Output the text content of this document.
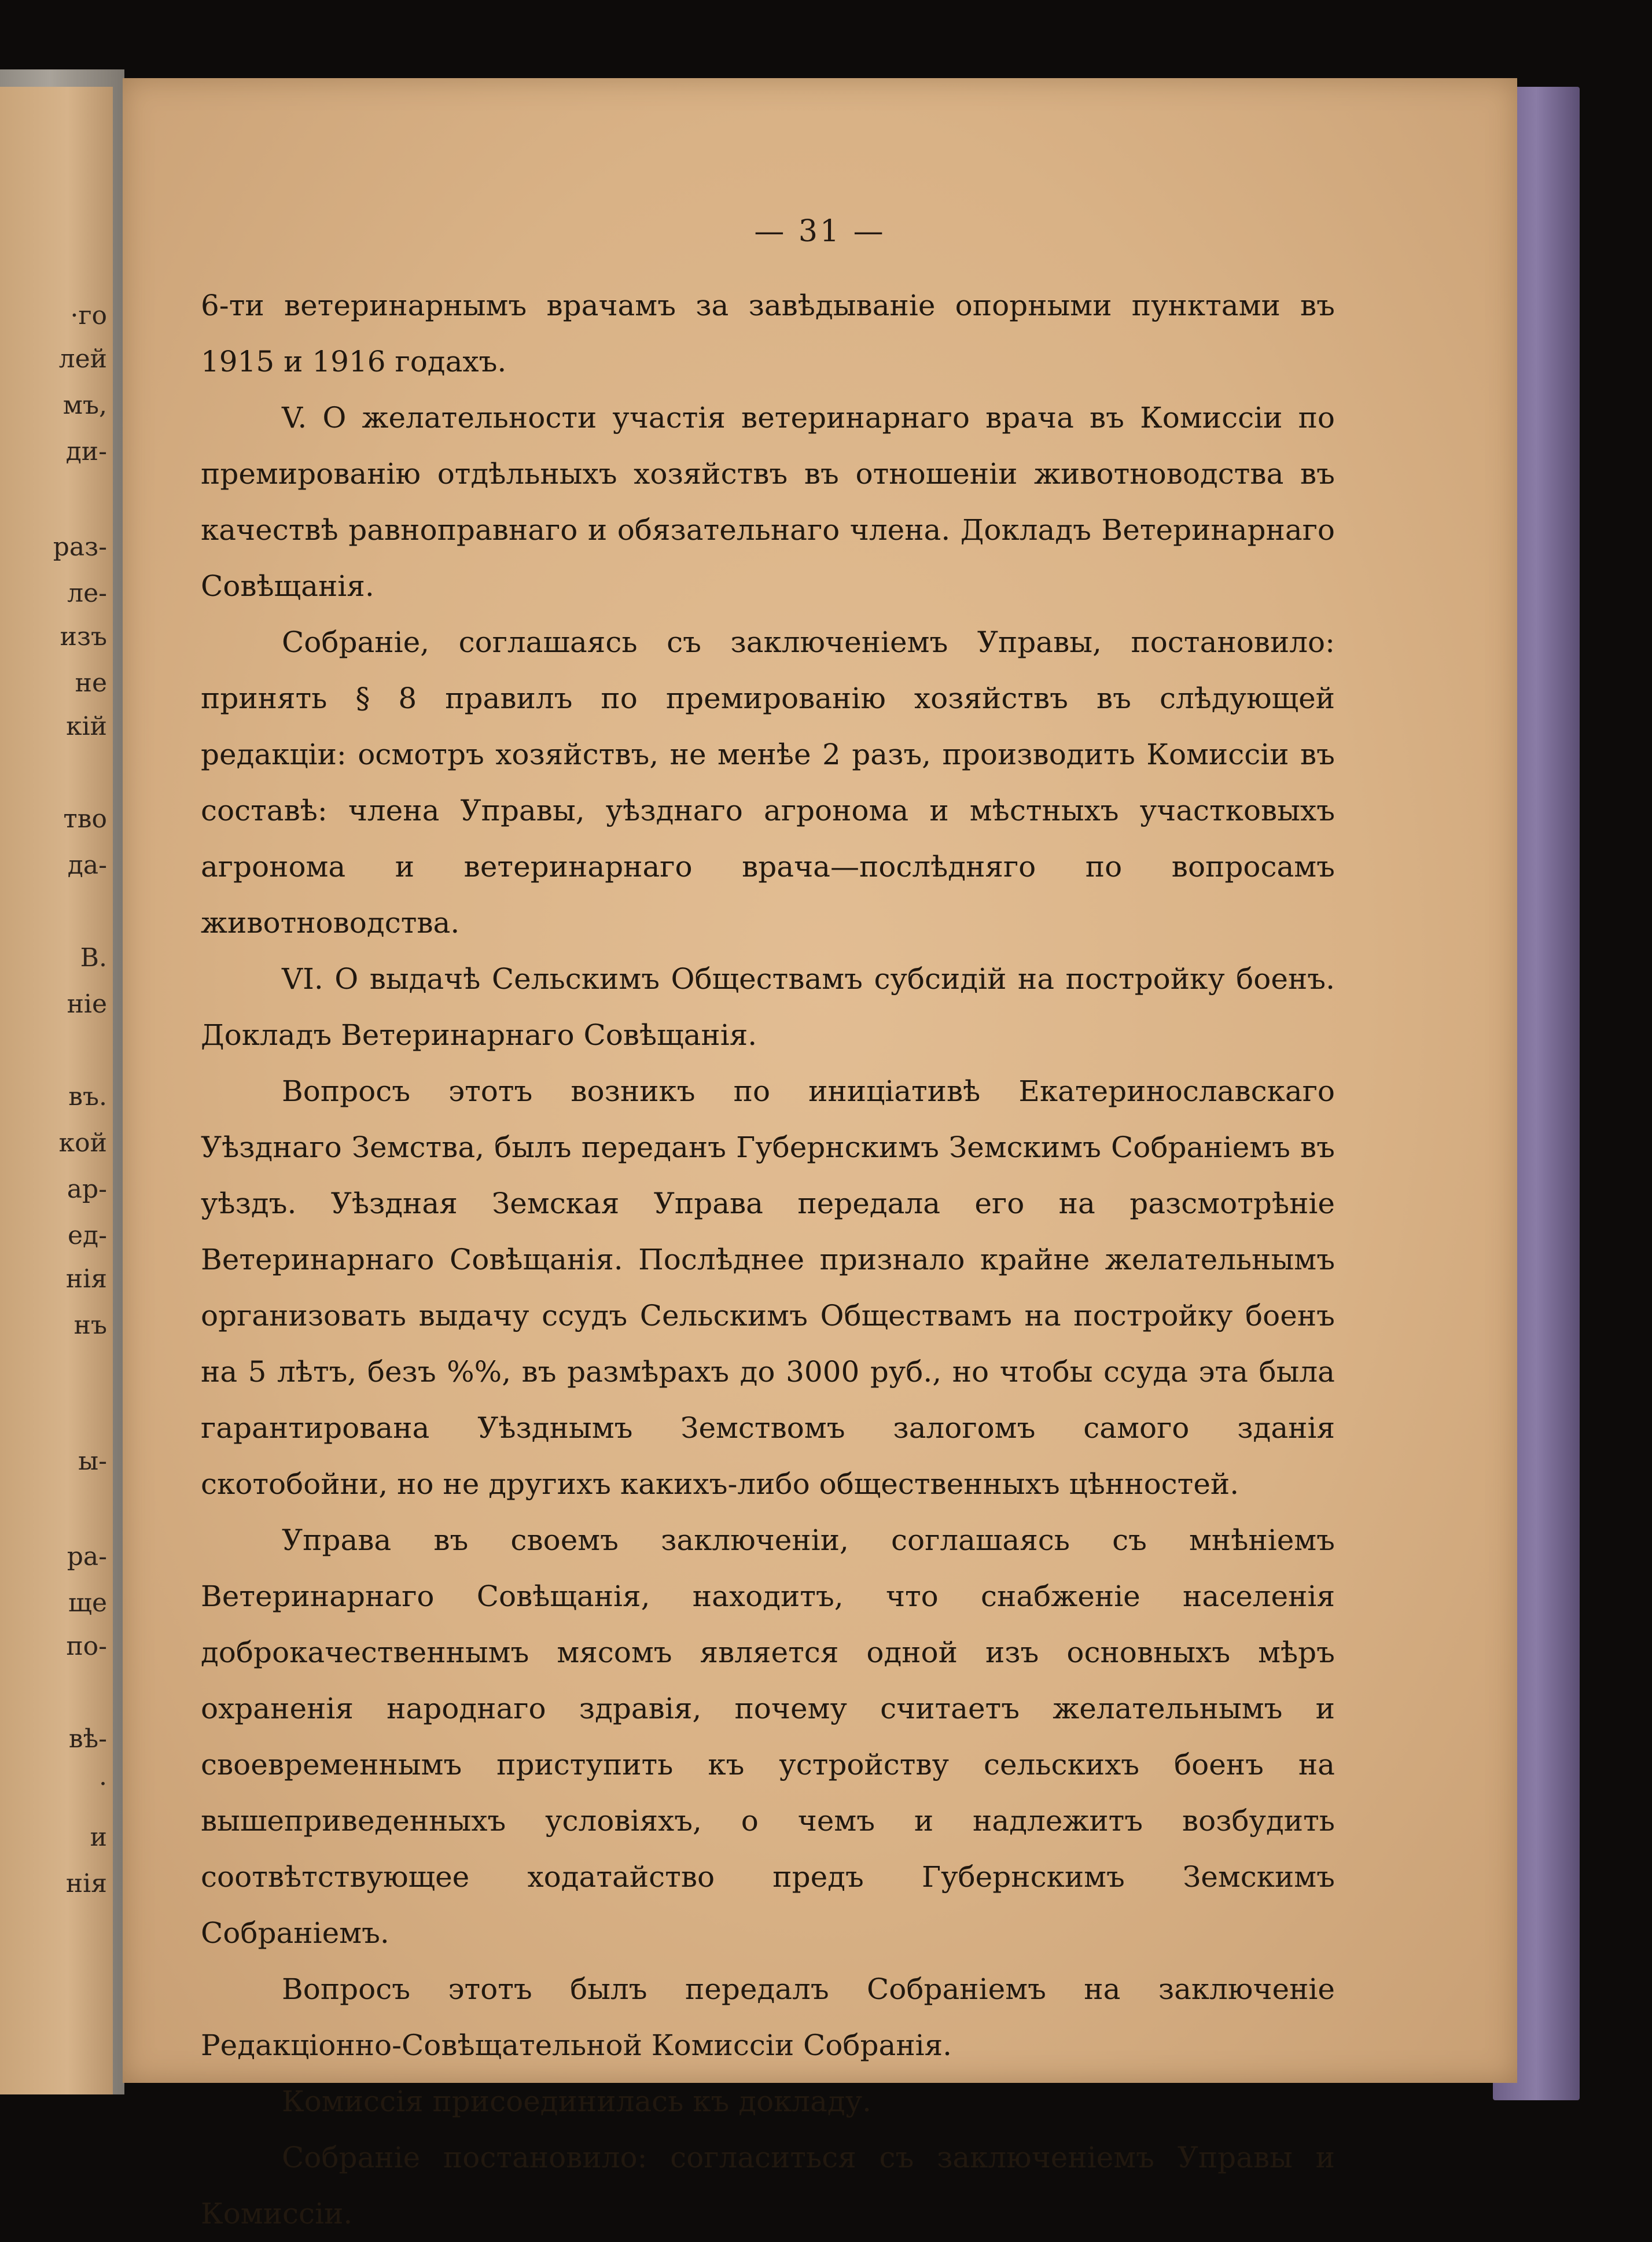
·го
лей
мъ,
ди-
раз-
ле-
изъ
не
кій
тво
да-
В.
ніе
въ.
кой
ар-
ед-
нія
нъ
ы-
ра-
ще
по-
вѣ-
.
и
нія
— 31 —

6-ти ветеринарнымъ врачамъ за завѣдываніе опорными пунктами въ 1915 и 1916 годахъ.

V. О желательности участія ветеринарнаго врача въ Комиссіи по премированію отдѣльныхъ хозяйствъ въ отношеніи животноводства въ качествѣ равноправнаго и обязательнаго члена. Докладъ Ветеринарнаго Совѣщанія.

Собраніе, соглашаясь съ заключеніемъ Управы, постановило: принять § 8 правилъ по премированію хозяйствъ въ слѣдующей редакціи: осмотръ хозяйствъ, не менѣе 2 разъ, производить Комиссіи въ составѣ: члена Управы, уѣзднаго агронома и мѣстныхъ участковыхъ агронома и ветеринарнаго врача—послѣдняго по вопросамъ животноводства.

VI. О выдачѣ Сельскимъ Обществамъ субсидій на постройку боенъ. Докладъ Ветеринарнаго Совѣщанія.

Вопросъ этотъ возникъ по иниціативѣ Екатеринославскаго Уѣзднаго Земства, былъ переданъ Губернскимъ Земскимъ Собраніемъ въ уѣздъ. Уѣздная Земская Управа передала его на разсмотрѣніе Ветеринарнаго Совѣщанія. Послѣднее признало крайне желательнымъ организовать выдачу ссудъ Сельскимъ Обществамъ на постройку боенъ на 5 лѣтъ, безъ %%, въ размѣрахъ до 3000 руб., но чтобы ссуда эта была гарантирована Уѣзднымъ Земствомъ залогомъ самого зданія скотобойни, но не другихъ какихъ-либо общественныхъ цѣнностей.

Управа въ своемъ заключеніи, соглашаясь съ мнѣніемъ Ветеринарнаго Совѣщанія, находитъ, что снабженіе населенія доброкачественнымъ мясомъ является одной изъ основныхъ мѣръ охраненія народнаго здравія, почему считаетъ желательнымъ и своевременнымъ приступить къ устройству сельскихъ боенъ на вышеприведенныхъ условіяхъ, о чемъ и надлежитъ возбудить соотвѣтствующее ходатайство предъ Губернскимъ Земскимъ Собраніемъ.

Вопросъ этотъ былъ передалъ Собраніемъ на заключеніе Редакціонно-Совѣщательной Комиссіи Собранія.

Комиссія присоединилась къ докладу.

Собраніе постановило: согласиться съ заключеніемъ Управы и Комиссіи.
